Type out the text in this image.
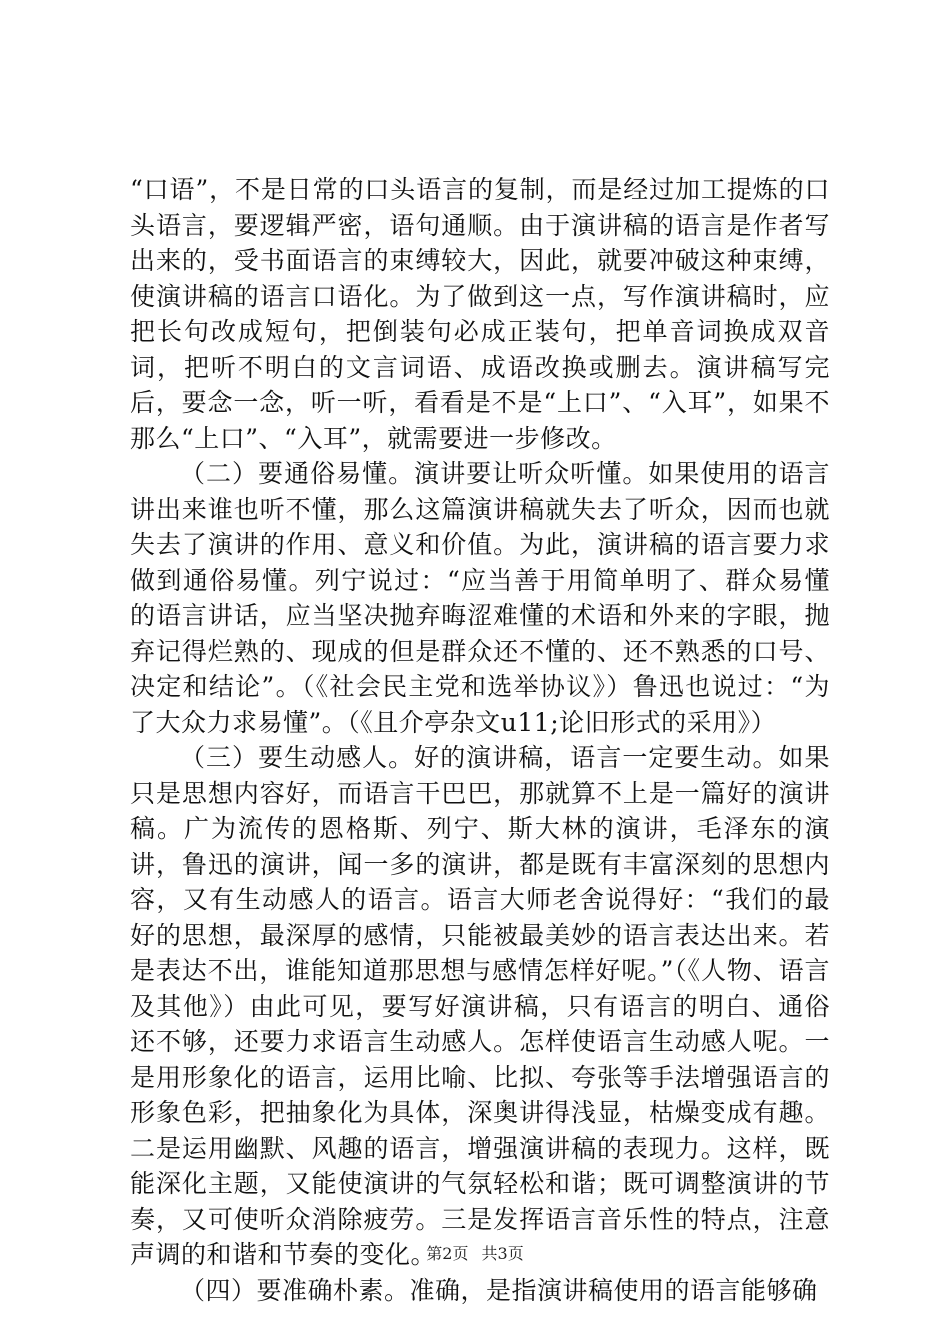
“口语”，不是日常的口头语言的复制，而是经过加工提炼的口头语言，要逻辑严密，语句通顺。由于演讲稿的语言是作者写出来的，受书面语言的束缚较大，因此，就要冲破这种束缚，使演讲稿的语言口语化。为了做到这一点，写作演讲稿时，应把长句改成短句，把倒装句必成正装句，把单音词换成双音词，把听不明白的文言词语、成语改换或删去。演讲稿写完后，要念一念，听一听，看看是不是“上口”、“入耳”，如果不那么“上口”、“入耳”，就需要进一步修改。

（二）要通俗易懂。演讲要让听众听懂。如果使用的语言讲出来谁也听不懂，那么这篇演讲稿就失去了听众，因而也就失去了演讲的作用、意义和价值。为此，演讲稿的语言要力求做到通俗易懂。列宁说过：“应当善于用简单明了、群众易懂的语言讲话，应当坚决抛弃晦涩难懂的术语和外来的字眼，抛弃记得烂熟的、现成的但是群众还不懂的、还不熟悉的口号、决定和结论”。（《社会民主党和选举协议》）鲁迅也说过：“为了大众力求易懂”。（《且介亭杂文u11;论旧形式的采用》）

（三）要生动感人。好的演讲稿，语言一定要生动。如果只是思想内容好，而语言干巴巴，那就算不上是一篇好的演讲稿。广为流传的恩格斯、列宁、斯大林的演讲，毛泽东的演讲，鲁迅的演讲，闻一多的演讲，都是既有丰富深刻的思想内容，又有生动感人的语言。语言大师老舍说得好：“我们的最好的思想，最深厚的感情，只能被最美妙的语言表达出来。若是表达不出，谁能知道那思想与感情怎样好呢。”（《人物、语言及其他》）由此可见，要写好演讲稿，只有语言的明白、通俗还不够，还要力求语言生动感人。怎样使语言生动感人呢。一是用形象化的语言，运用比喻、比拟、夸张等手法增强语言的形象色彩，把抽象化为具体，深奥讲得浅显，枯燥变成有趣。二是运用幽默、风趣的语言，增强演讲稿的表现力。这样，既能深化主题，又能使演讲的气氛轻松和谐；既可调整演讲的节奏，又可使听众消除疲劳。三是发挥语言音乐性的特点，注意声调的和谐和节奏的变化。

（四）要准确朴素。准确，是指演讲稿使用的语言能够确

第2页 共3页
